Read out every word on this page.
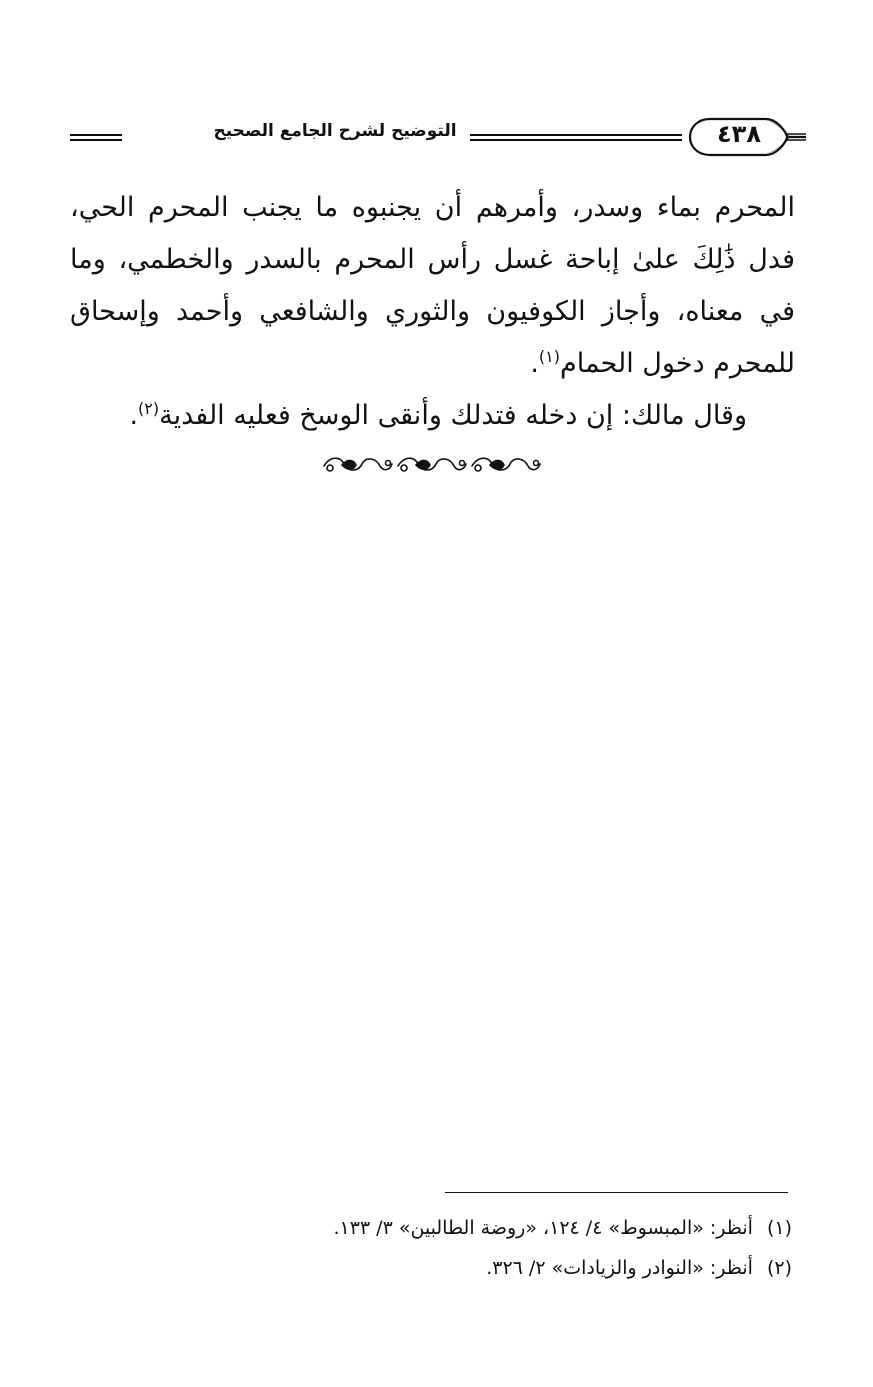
التوضيح لشرح الجامع الصحيح	٤٣٨

المحرم بماء وسدر، وأمرهم أن يجنبوه ما يجنب المحرم الحي، فدل ذَٰلِكَ علىٰ إباحة غسل رأس المحرم بالسدر والخطمي، وما في معناه، وأجاز الكوفيون والثوري والشافعي وأحمد وإسحاق للمحرم دخول الحمام$^{(١)}$.

وقال مالك: إن دخله فتدلك وأنقى الوسخ فعليه الفدية$^{(٢)}$.

(١)أنظر: «المبسوط» ٤/ ١٢٤، «روضة الطالبين» ٣/ ١٣٣.

(٢)أنظر: «النوادر والزيادات» ٢/ ٣٢٦.
